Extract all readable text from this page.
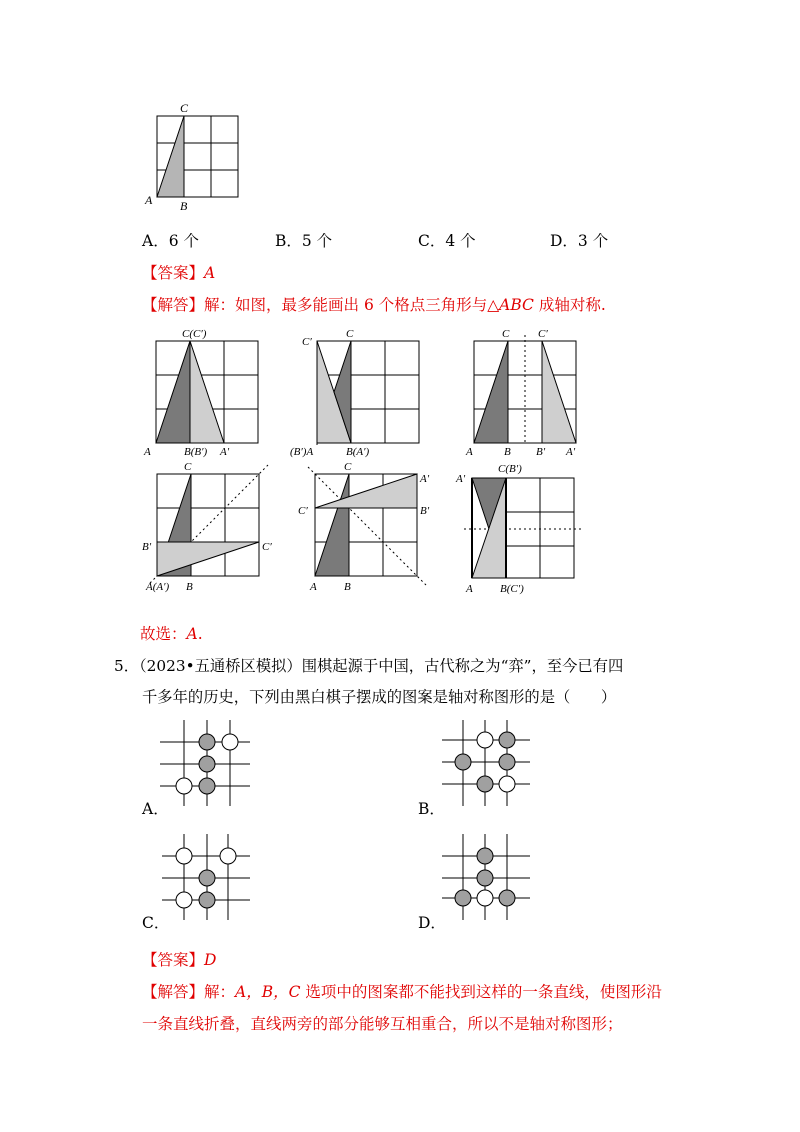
C
A B
A．6 个	B．5 个	C．4 个	D．3 个
【答案】A
【解答】解：如图，最多能画出 6 个格点三角形与△ABC 成轴对称.
C(C′)
A	B(B′) A′
C′
C
(B′)A	B(A′)
C	C′
A	B B′ A′
C
B′	C′
A(A′) B
C
A′
C′	B′
A B
A′
C(B′)
A B(C′)
故选：A.
5．（2023•五通桥区模拟）围棋起源于中国，古代称之为“弈”，至今已有四
千多年的历史，下列由黑白棋子摆成的图案是轴对称图形的是（　　）
A．	B．
C．	D．
【答案】D
【解答】解：A，B，C 选项中的图案都不能找到这样的一条直线，使图形沿
一条直线折叠，直线两旁的部分能够互相重合，所以不是轴对称图形；
